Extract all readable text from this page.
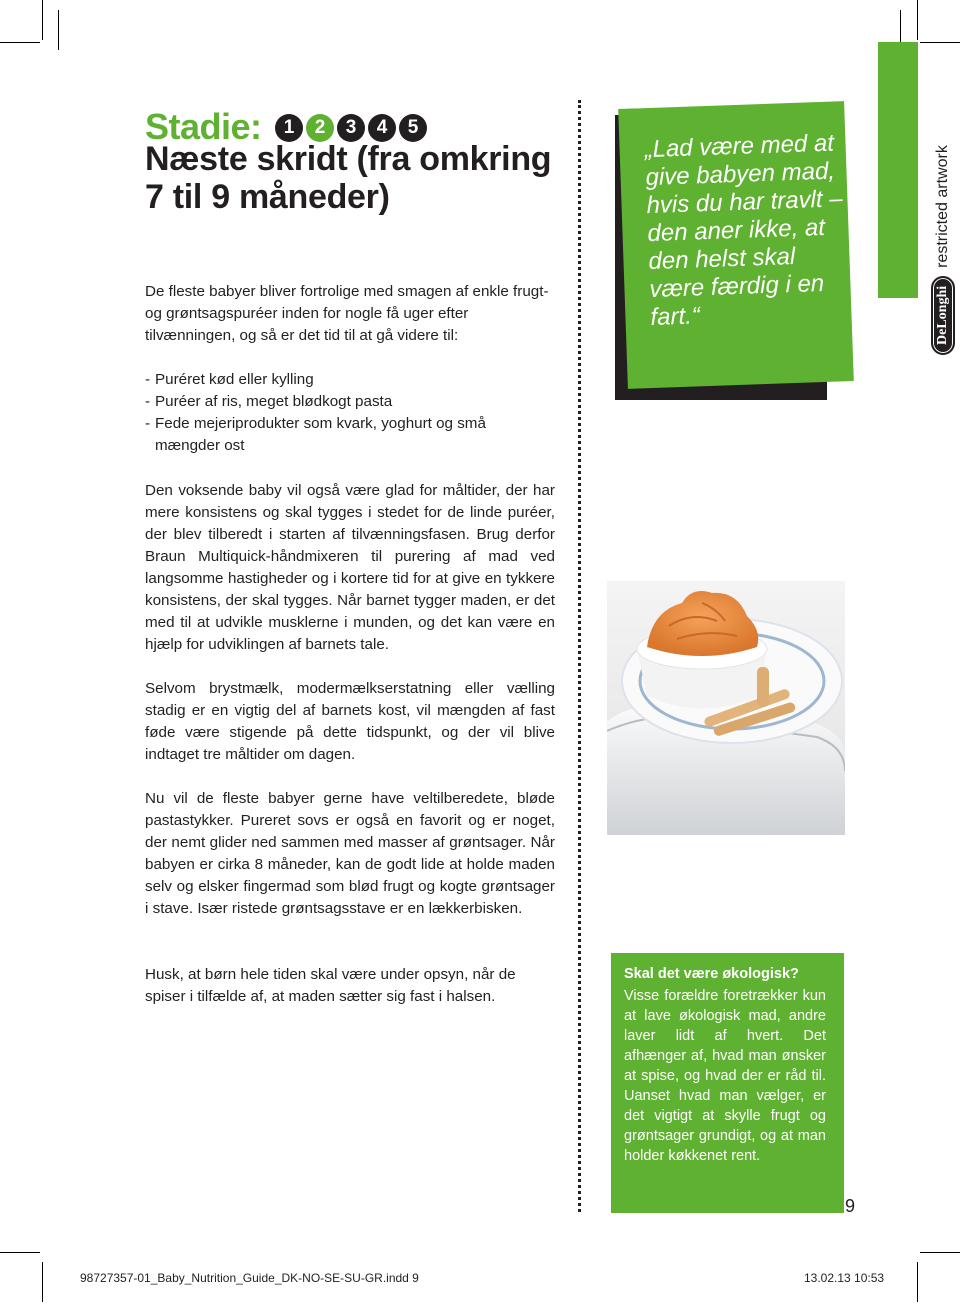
Stadie: 1 2 3 4 5
Næste skridt (fra omkring 7 til 9 måneder)

De fleste babyer bliver fortrolige med smagen af enkle frugt- og grøntsagspuréer inden for nogle få uger efter tilvænningen, og så er det tid til at gå videre til:

- Puréret kød eller kylling
- Puréer af ris, meget blødkogt pasta
- Fede mejeriprodukter som kvark, yoghurt og små mængder ost

Den voksende baby vil også være glad for måltider, der har mere konsistens og skal tygges i stedet for de linde puréer, der blev tilberedt i starten af tilvænningsfasen. Brug derfor Braun Multiquick-håndmixeren til purering af mad ved langsomme hastigheder og i kortere tid for at give en tykkere konsistens, der skal tygges. Når barnet tygger maden, er det med til at udvikle musklerne i munden, og det kan være en hjælp for udviklingen af barnets tale.

Selvom brystmælk, modermælkserstatning eller vælling stadig er en vigtig del af barnets kost, vil mængden af fast føde være stigende på dette tidspunkt, og der vil blive indtaget tre måltider om dagen.

Nu vil de fleste babyer gerne have veltilberedete, bløde pastastykker. Pureret sovs er også en favorit og er noget, der nemt glider ned sammen med masser af grøntsager. Når babyen er cirka 8 måneder, kan de godt lide at holde maden selv og elsker fingermad som blød frugt og kogte grøntsager i stave. Især ristede grøntsagsstave er en lækkerbisken.

Husk, at børn hele tiden skal være under opsyn, når de spiser i tilfælde af, at maden sætter sig fast i halsen.

„Lad være med at give babyen mad, hvis du har travlt – den aner ikke, at den helst skal være færdig i en fart.“	DeLonghi
restricted artwork

Skal det være økologisk?

Visse forældre foretrækker kun at lave økologisk mad, andre laver lidt af hvert. Det afhænger af, hvad man ønsker at spise, og hvad der er råd til. Uanset hvad man vælger, er det vigtigt at skylle frugt og grøntsager grundigt, og at man holder køkkenet rent.

9
98727357-01_Baby_Nutrition_Guide_DK-NO-SE-SU-GR.indd 9	13.02.13 10:53
